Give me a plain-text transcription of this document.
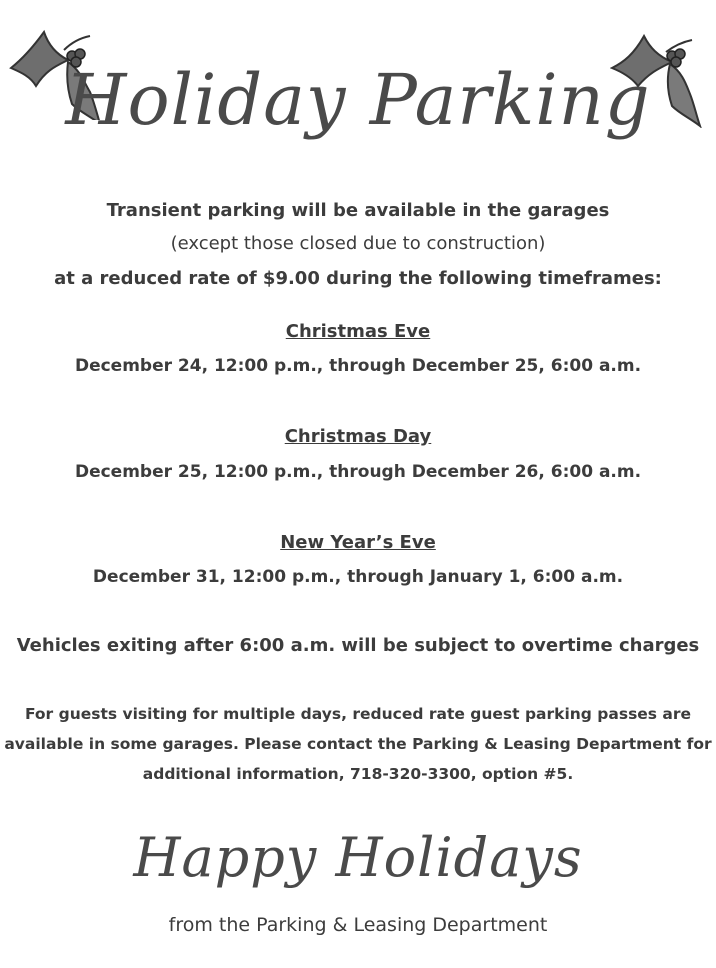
Holiday Parking
Transient parking will be available in the garages
(except those closed due to construction)
at a reduced rate of $9.00 during the following timeframes:
Christmas Eve
December 24, 12:00 p.m., through December 25, 6:00 a.m.
Christmas Day
December 25, 12:00 p.m., through December 26, 6:00 a.m.
New Year’s Eve
December 31, 12:00 p.m., through January 1, 6:00 a.m.
Vehicles exiting after 6:00 a.m. will be subject to overtime charges
For guests visiting for multiple days, reduced rate guest parking passes are
available in some garages. Please contact the Parking & Leasing Department for
additional information, 718-320-3300, option #5.
Happy Holidays
from the Parking & Leasing Department
